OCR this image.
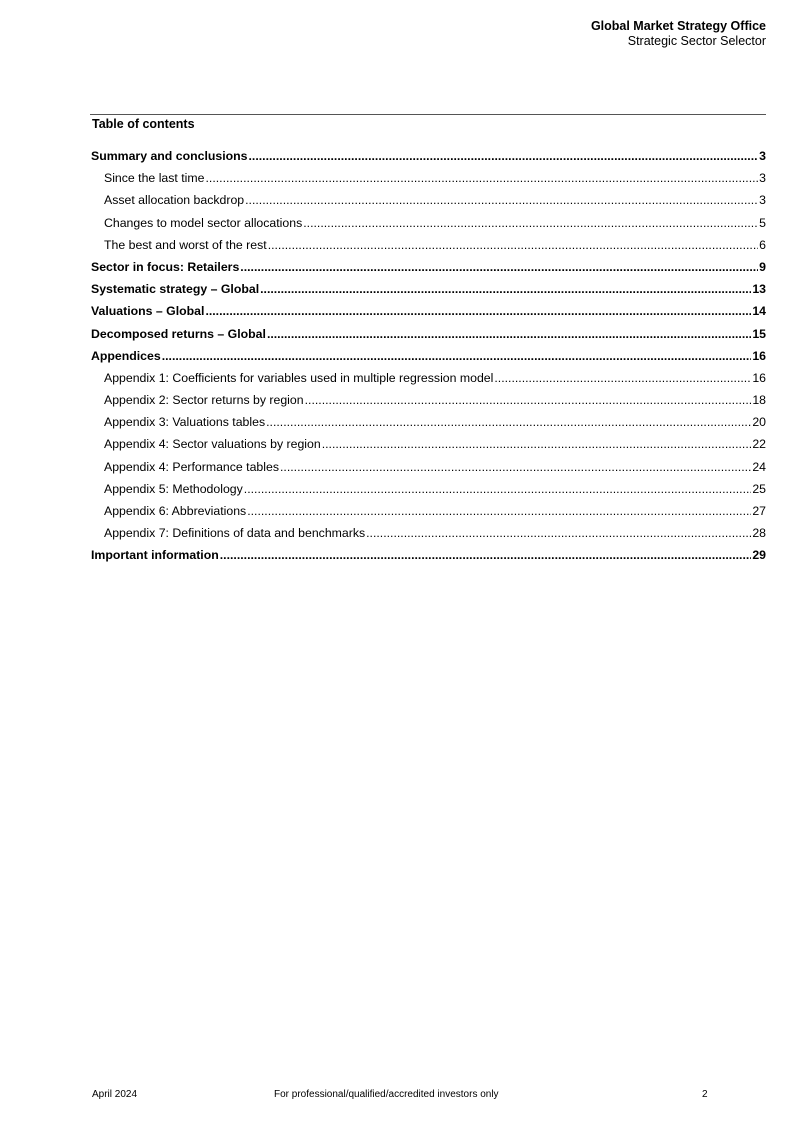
Global Market Strategy Office
Strategic Sector Selector
Table of contents
Summary and conclusions .....	3
Since the last time .....	3
Asset allocation backdrop .....	3
Changes to model sector allocations .....	5
The best and worst of the rest .....	6
Sector in focus: Retailers .....	9
Systematic strategy – Global .....	13
Valuations – Global .....	14
Decomposed returns – Global .....	15
Appendices .....	16
Appendix 1: Coefficients for variables used in multiple regression model .....	16
Appendix 2: Sector returns by region .....	18
Appendix 3: Valuations tables .....	20
Appendix 4: Sector valuations by region .....	22
Appendix 4: Performance tables .....	24
Appendix 5: Methodology .....	25
Appendix 6: Abbreviations .....	27
Appendix 7: Definitions of data and benchmarks .....	28
Important information .....	29
April 2024	For professional/qualified/accredited investors only	2
